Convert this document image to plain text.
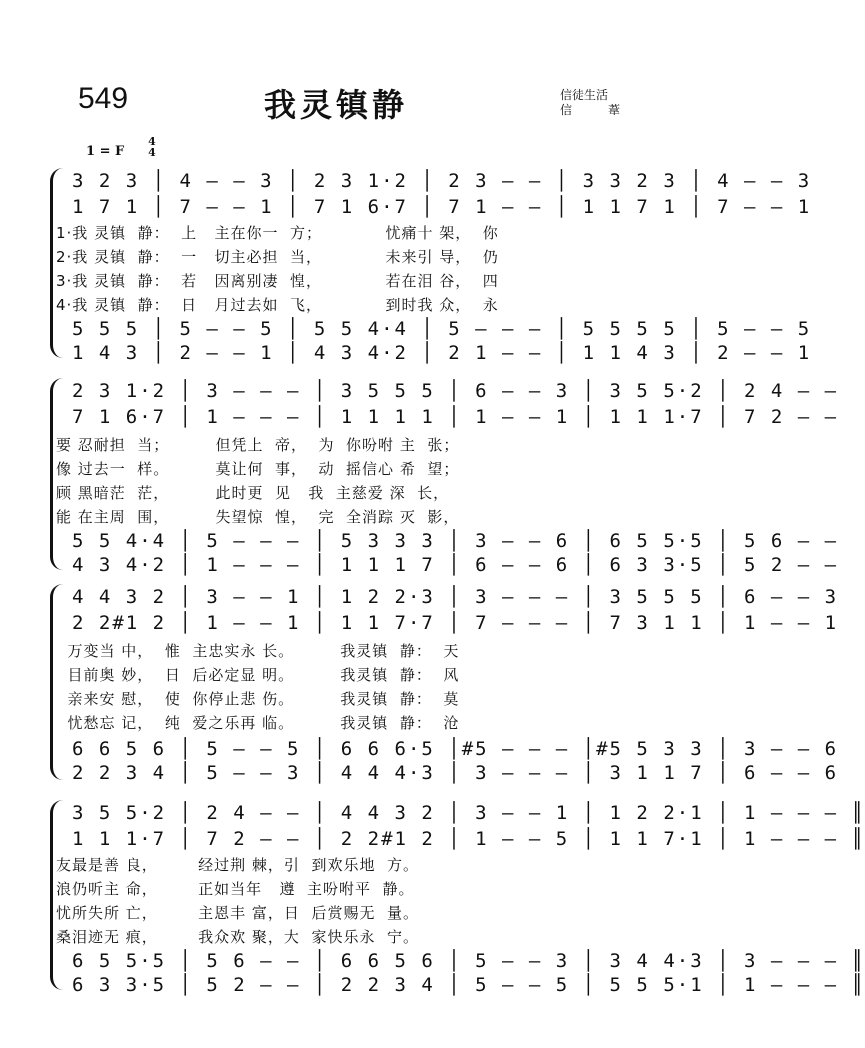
549	我灵镇静	信徒生活
信　葦
1 = F
4
4
3 2 3 │ 4 — — 3 │ 2 3 1·2 │ 2 3 — — │ 3 3 2 3 │ 4 — — 3
1 7 1 │ 7 — — 1 │ 7 1 6·7 │ 7 1 — — │ 1 1 7 1 │ 7 — — 1
1·我 灵镇  静：  上   主在你一  方；           忧痛十 架，  你
2·我 灵镇  静：  一   切主必担  当，           未来引 导，  仍
3·我 灵镇  静：  若   因离别凄  惶，           若在泪 谷，  四
4·我 灵镇  静：  日   月过去如  飞，           到时我 众，  永
5 5 5 │ 5 — — 5 │ 5 5 4·4 │ 5 — — — │ 5 5 5 5 │ 5 — — 5
1 4 3 │ 2 — — 1 │ 4 3 4·2 │ 2 1 — — │ 1 1 4 3 │ 2 — — 1
2 3 1·2 │ 3 — — — │ 3 5 5 5 │ 6 — — 3 │ 3 5 5·2 │ 2 4 — —
7 1 6·7 │ 1 — — — │ 1 1 1 1 │ 1 — — 1 │ 1 1 1·7 │ 7 2 — —
要 忍耐担  当；        但凭上  帝，  为  你吩咐 主  张；
像 过去一  样。        莫让何  事，  动  摇信心 希  望；
顾 黑暗茫  茫，        此时更  见   我  主慈爱 深  长，
能 在主周  围，        失望惊  惶，  完  全消踪 灭  影，
5 5 4·4 │ 5 — — — │ 5 3 3 3 │ 3 — — 6 │ 6 5 5·5 │ 5 6 — —
4 3 4·2 │ 1 — — — │ 1 1 1 7 │ 6 — — 6 │ 6 3 3·5 │ 5 2 — —
4 4 3 2 │ 3 — — 1 │ 1 2 2·3 │ 3 — — — │ 3 5 5 5 │ 6 — — 3
2 2#1 2 │ 1 — — 1 │ 1 1 7·7 │ 7 — — — │ 7 3 1 1 │ 1 — — 1
万变当 中，  惟  主忠实永 长。        我灵镇  静：  天
目前奥 妙，  日  后必定显 明。        我灵镇  静：  风
亲来安 慰，  使  你停止悲 伤。        我灵镇  静：  莫
忧愁忘 记，  纯  爱之乐再 临。        我灵镇  静：  沧
6 6 5 6 │ 5 — — 5 │ 6 6 6·5 │#5 — — — │#5 5 3 3 │ 3 — — 6
2 2 3 4 │ 5 — — 3 │ 4 4 4·3 │ 3 — — — │ 3 1 1 7 │ 6 — — 6
3 5 5·2 │ 2 4 — — │ 4 4 3 2 │ 3 — — 1 │ 1 2 2·1 │ 1 — — — ║
1 1 1·7 │ 7 2 — — │ 2 2#1 2 │ 1 — — 5 │ 1 1 7·1 │ 1 — — — ║
友最是善 良，       经过荆 棘，引  到欢乐地  方。
浪仍听主 命，       正如当年   遵  主吩咐平  静。
忧所失所 亡，       主恩丰 富，日  后赏赐无  量。
桑泪迹无 痕，       我众欢 聚，大  家快乐永  宁。
6 5 5·5 │ 5 6 — — │ 6 6 5 6 │ 5 — — 3 │ 3 4 4·3 │ 3 — — — ║
6 3 3·5 │ 5 2 — — │ 2 2 3 4 │ 5 — — 5 │ 5 5 5·1 │ 1 — — — ║
